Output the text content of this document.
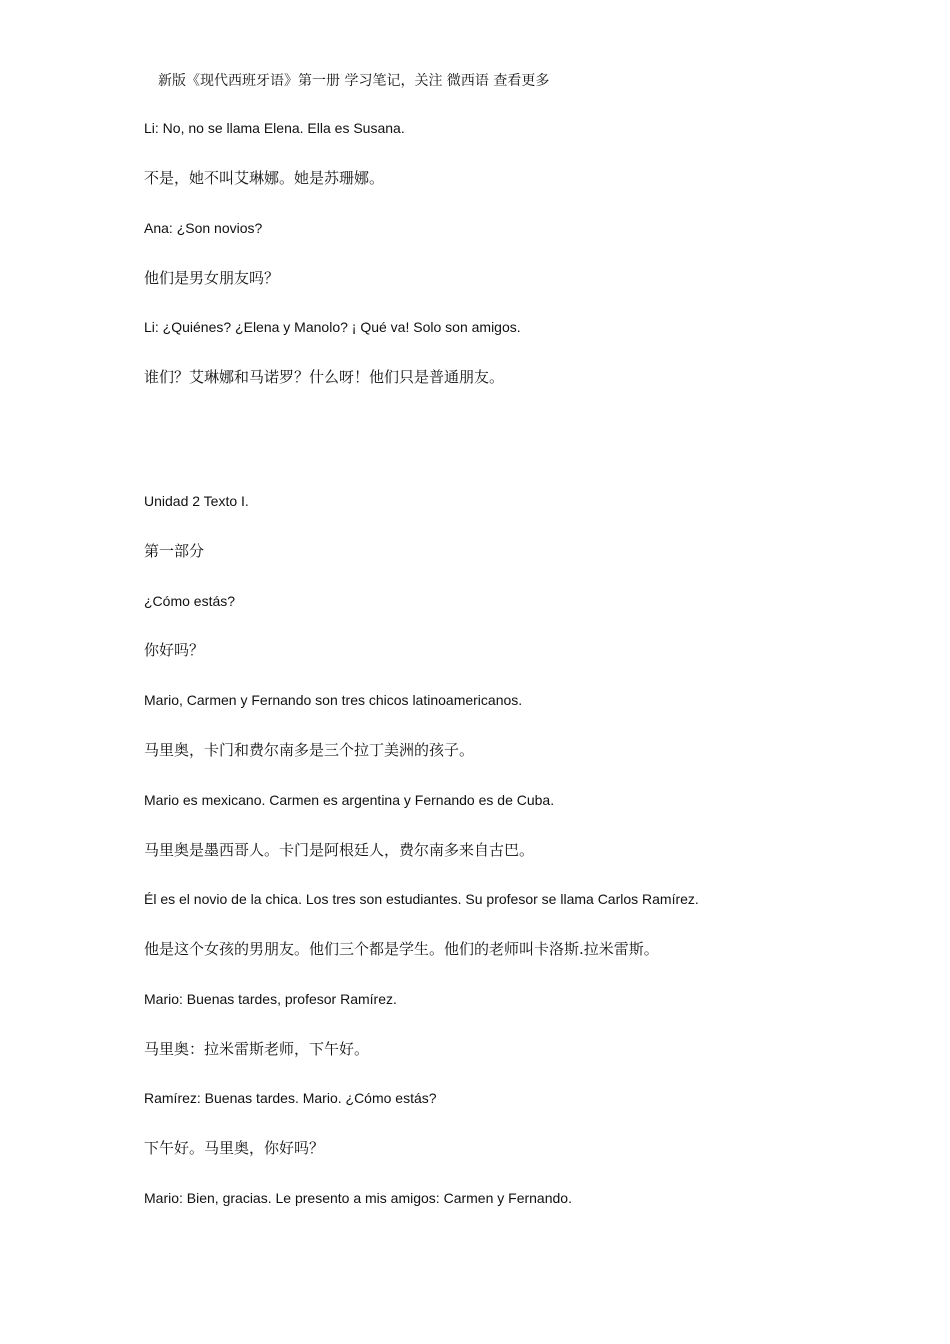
新版《现代西班牙语》第一册 学习笔记，关注 微西语 查看更多
Li: No, no se llama Elena. Ella es Susana.
不是，她不叫艾琳娜。她是苏珊娜。
Ana: ¿Son novios?
他们是男女朋友吗？
Li: ¿Quiénes? ¿Elena y Manolo? ¡ Qué va! Solo son amigos.
谁们？艾琳娜和马诺罗？什么呀！他们只是普通朋友。
Unidad 2 Texto I.
第一部分
¿Cómo estás?
你好吗？
Mario, Carmen y Fernando son tres chicos latinoamericanos.
马里奥，卡门和费尔南多是三个拉丁美洲的孩子。
Mario es mexicano. Carmen es argentina y Fernando es de Cuba.
马里奥是墨西哥人。卡门是阿根廷人，费尔南多来自古巴。
Él es el novio de la chica. Los tres son estudiantes. Su profesor se llama Carlos Ramírez.
他是这个女孩的男朋友。他们三个都是学生。他们的老师叫卡洛斯.拉米雷斯。
Mario: Buenas tardes, profesor Ramírez.
马里奥：拉米雷斯老师，下午好。
Ramírez: Buenas tardes. Mario. ¿Cómo estás?
下午好。马里奥，你好吗？
Mario: Bien, gracias. Le presento a mis amigos: Carmen y Fernando.
